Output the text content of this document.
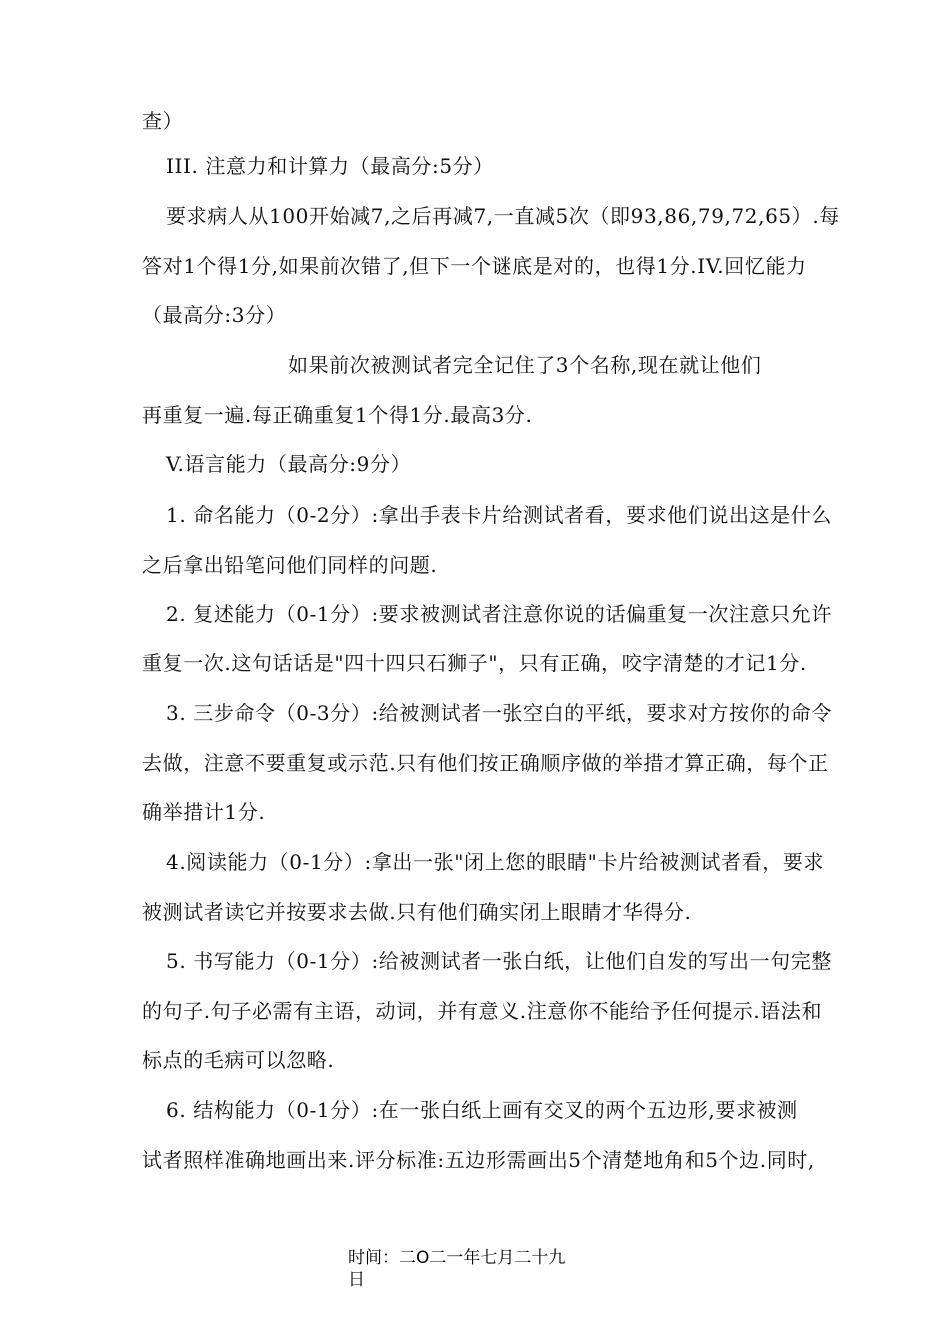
查）
III. 注意力和计算力（最高分:5分）
要求病人从100开始减7,之后再减7,一直减5次（即93,86,79,72,65）.每
答对1个得1分,如果前次错了,但下一个谜底是对的，也得1分.IV.回忆能力
（最高分:3分）
如果前次被测试者完全记住了3个名称,现在就让他们
再重复一遍.每正确重复1个得1分.最高3分.
V.语言能力（最高分:9分）
1. 命名能力（0-2分）:拿出手表卡片给测试者看，要求他们说出这是什么
之后拿出铅笔问他们同样的问题.
2. 复述能力（0-1分）:要求被测试者注意你说的话偏重复一次注意只允许
重复一次.这句话话是"四十四只石狮子"，只有正确，咬字清楚的才记1分.
3. 三步命令（0-3分）:给被测试者一张空白的平纸，要求对方按你的命令
去做，注意不要重复或示范.只有他们按正确顺序做的举措才算正确，每个正
确举措计1分.
4.阅读能力（0-1分）:拿出一张"闭上您的眼睛"卡片给被测试者看，要求
被测试者读它并按要求去做.只有他们确实闭上眼睛才华得分.
5. 书写能力（0-1分）:给被测试者一张白纸，让他们自发的写出一句完整
的句子.句子必需有主语，动词，并有意义.注意你不能给予任何提示.语法和
标点的毛病可以忽略.
6. 结构能力（0-1分）:在一张白纸上画有交叉的两个五边形,要求被测
试者照样准确地画出来.评分标准:五边形需画出5个清楚地角和5个边.同时,
时间：二O二一年七月二十九
日
